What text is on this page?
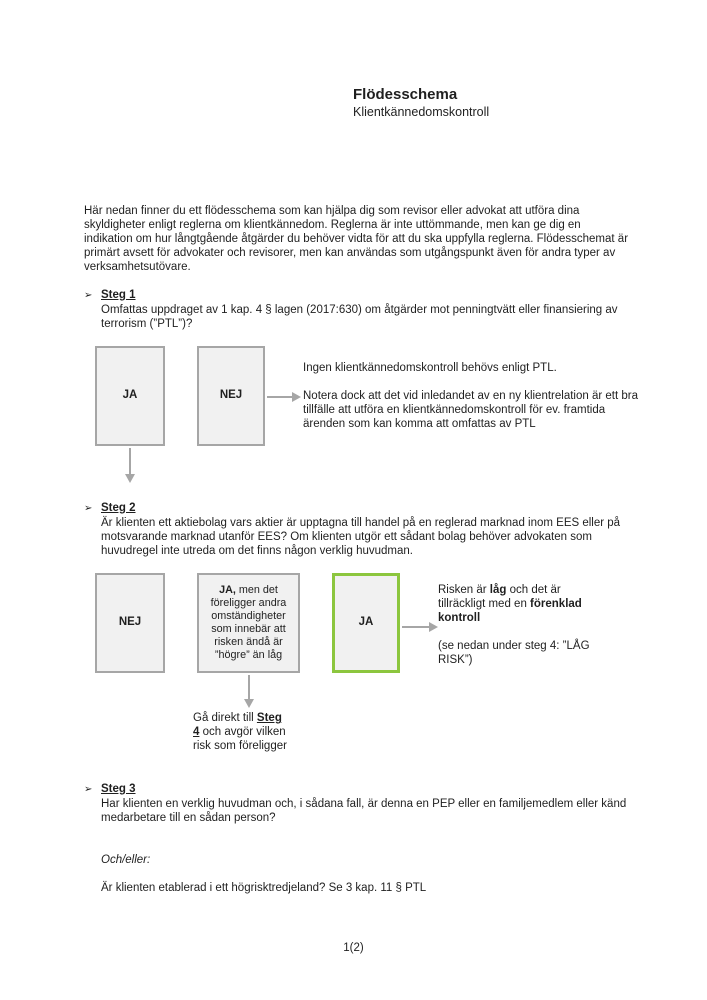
Flödesschema
Klientkännedomskontroll
Här nedan finner du ett flödesschema som kan hjälpa dig som revisor eller advokat att utföra dina skyldigheter enligt reglerna om klientkännedom. Reglerna är inte uttömmande, men kan ge dig en indikation om hur långtgående åtgärder du behöver vidta för att du ska uppfylla reglerna. Flödesschemat är primärt avsett för advokater och revisorer, men kan användas som utgångspunkt även för andra typer av verksamhetsutövare.
➢ Steg 1
Omfattas uppdraget av 1 kap. 4 § lagen (2017:630) om åtgärder mot penningtvätt eller finansiering av terrorism (”PTL”)?
JA	NEJ
Ingen klientkännedomskontroll behövs enligt PTL.
Notera dock att det vid inledandet av en ny klientrelation är ett bra tillfälle att utföra en klientkännedomskontroll för ev. framtida ärenden som kan komma att omfattas av PTL
➢ Steg 2
Är klienten ett aktiebolag vars aktier är upptagna till handel på en reglerad marknad inom EES eller på motsvarande marknad utanför EES? Om klienten utgör ett sådant bolag behöver advokaten som huvudregel inte utreda om det finns någon verklig huvudman.
NEJ
JA, men det föreligger andra omständigheter som innebär att risken ändå är ”högre” än låg
JA
Risken är låg och det är tillräckligt med en förenklad kontroll
(se nedan under steg 4: ”LÅG RISK”)
Gå direkt till Steg 4 och avgör vilken risk som föreligger
➢ Steg 3
Har klienten en verklig huvudman och, i sådana fall, är denna en PEP eller en familjemedlem eller känd medarbetare till en sådan person?
Och/eller:
Är klienten etablerad i ett högrisktredjeland? Se 3 kap. 11 § PTL
1(2)
